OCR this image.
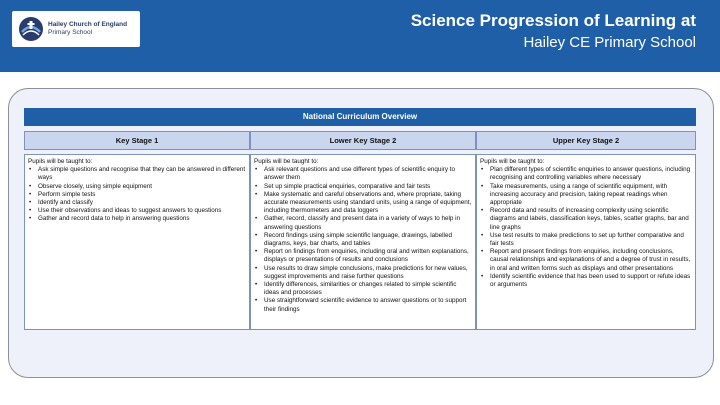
Hailey Church of England
Primary School
Science Progression of Learning at
Hailey CE Primary School
National Curriculum Overview
Key Stage 1	Lower Key Stage 2	Upper Key Stage 2
Pupils will be taught to:
• Ask simple questions and recognise that they can be answered in different ways
• Observe closely, using simple equipment
• Perform simple tests
• Identify and classify
• Use their observations and ideas to suggest answers to questions
• Gather and record data to help in answering questions
Pupils will be taught to:
• Ask relevant questions and use different types of scientific enquiry to answer them
• Set up simple practical enquiries, comparative and fair tests
• Make systematic and careful observations and, where propriate, taking accurate measurements using standard units, using a range of equipment, including thermometers and data loggers
• Gather, record, classify and present data in a variety of ways to help in answering questions
• Record findings using simple scientific language, drawings, labelled diagrams, keys, bar charts, and tables
• Report on findings from enquiries, including oral and written explanations, displays or presentations of results and conclusions
• Use results to draw simple conclusions, make predictions for new values, suggest improvements and raise further questions
• Identify differences, similarities or changes related to simple scientific ideas and processes
• Use straightforward scientific evidence to answer questions or to support their findings
Pupils will be taught to:
• Plan different types of scientific enquiries to answer questions, including recognising and controlling variables where necessary
• Take measurements, using a range of scientific equipment, with increasing accuracy and precision, taking repeat readings when appropriate
• Record data and results of increasing complexity using scientific diagrams and labels, classification keys, tables, scatter graphs, bar and line graphs
• Use test results to make predictions to set up further comparative and fair tests
• Report and present findings from enquiries, including conclusions, causal relationships and explanations of and a degree of trust in results, in oral and written forms such as displays and other presentations
• Identify scientific evidence that has been used to support or refute ideas or arguments
